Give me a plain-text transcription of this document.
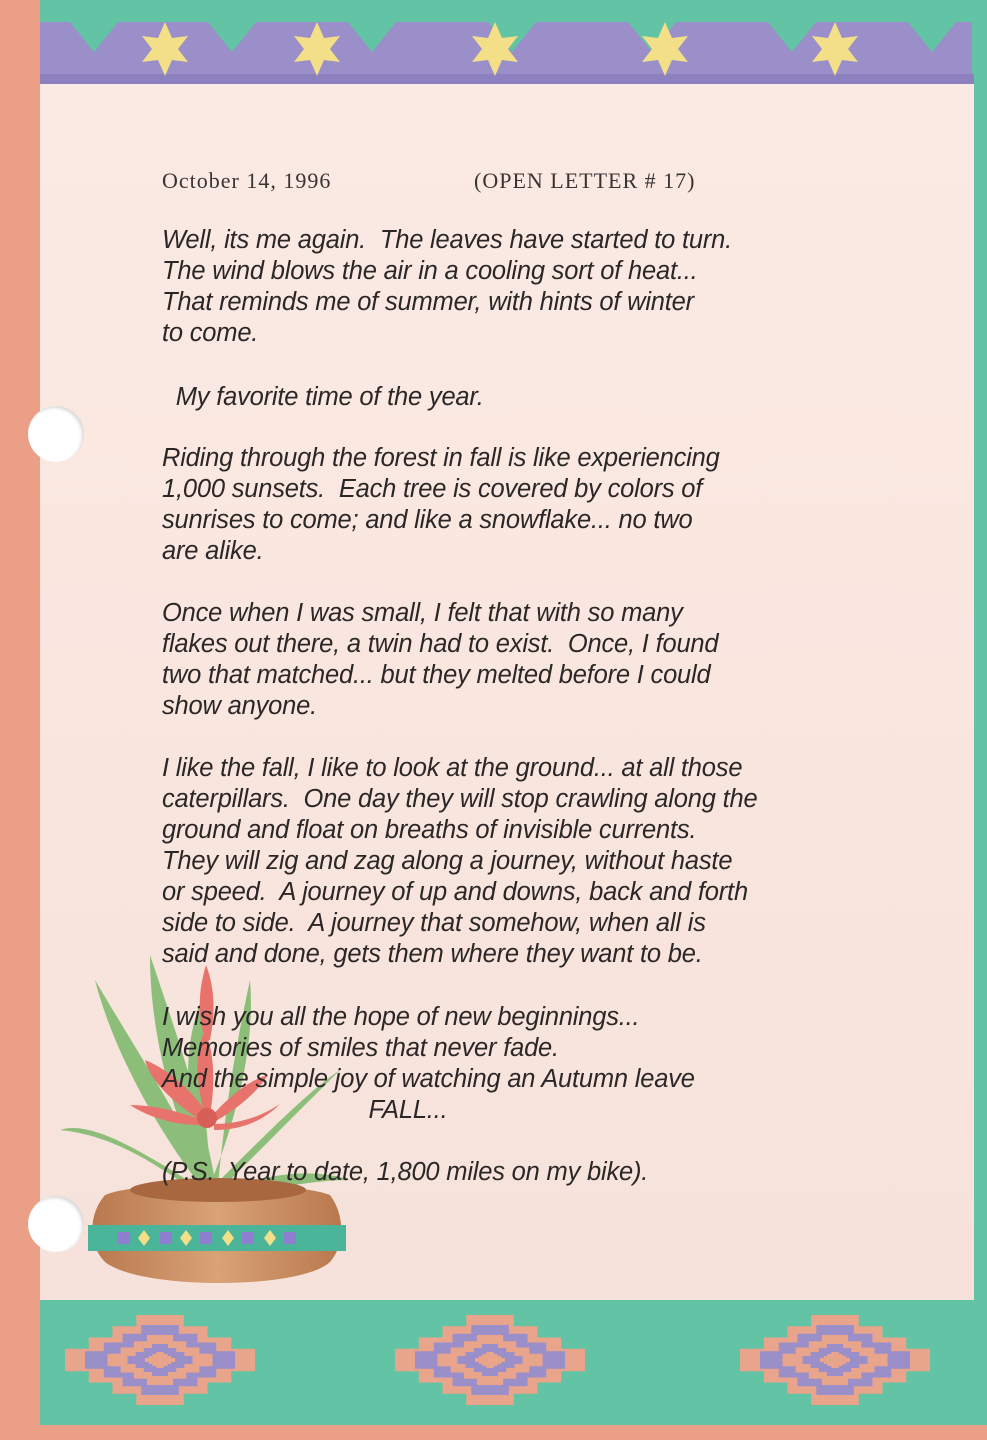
October 14, 1996	(OPEN LETTER # 17)

Well, its me again.  The leaves have started to turn.
The wind blows the air in a cooling sort of heat...
That reminds me of summer, with hints of winter
to come.

My favorite time of the year.

Riding through the forest in fall is like experiencing
1,000 sunsets.  Each tree is covered by colors of
sunrises to come; and like a snowflake... no two
are alike.

Once when I was small, I felt that with so many
flakes out there, a twin had to exist.  Once, I found
two that matched... but they melted before I could
show anyone.

I like the fall, I like to look at the ground... at all those
caterpillars.  One day they will stop crawling along the
ground and float on breaths of invisible currents.
They will zig and zag along a journey, without haste
or speed.  A journey of up and downs, back and forth
side to side.  A journey that somehow, when all is
said and done, gets them where they want to be.

I wish you all the hope of new beginnings...
Memories of smiles that never fade.
And the simple joy of watching an Autumn leave
FALL...

(P.S.  Year to date, 1,800 miles on my bike).
